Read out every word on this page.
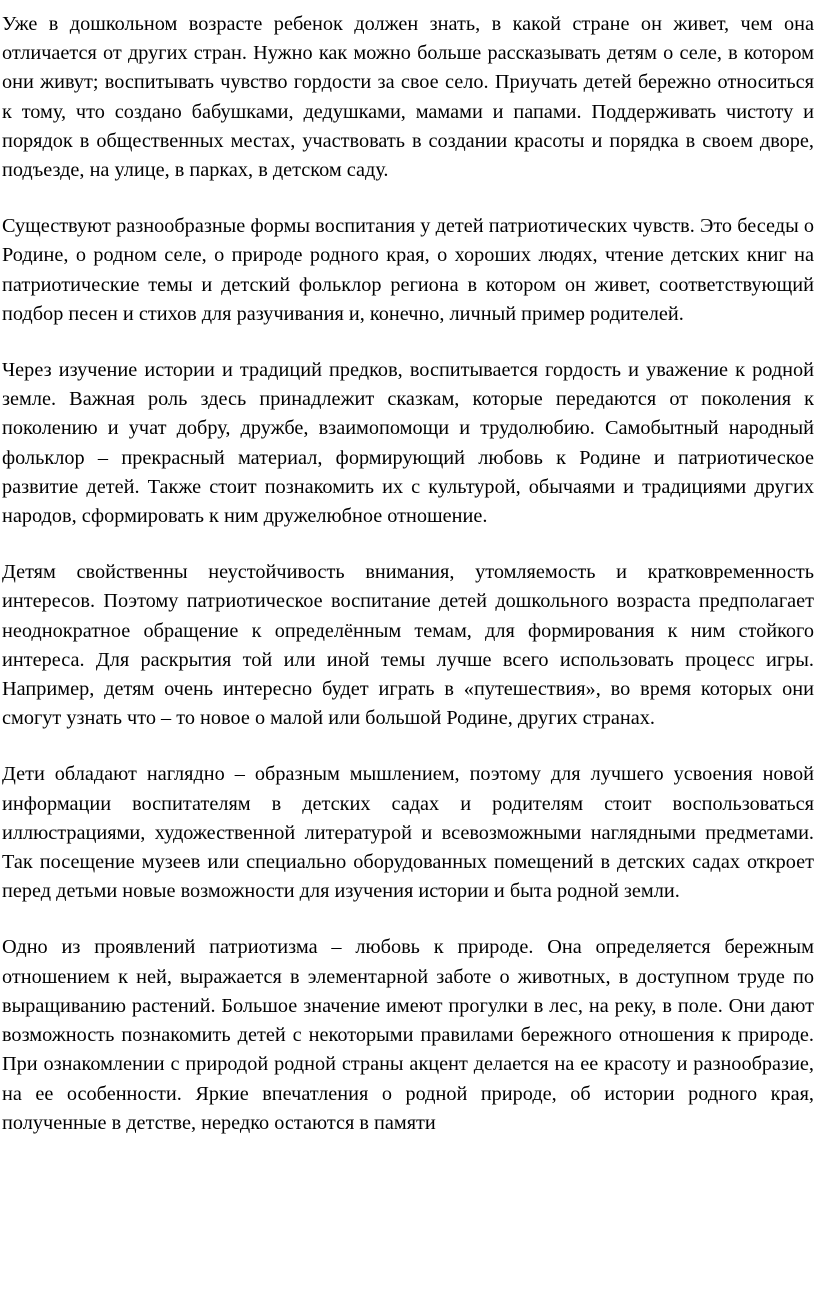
Уже в дошкольном возрасте ребенок должен знать, в какой стране он живет, чем она отличается от других стран. Нужно как можно больше рассказывать детям о селе, в котором они живут; воспитывать чувство гордости за свое село. Приучать детей бережно относиться к тому, что создано бабушками, дедушками, мамами и папами. Поддерживать чистоту и порядок в общественных местах, участвовать в создании красоты и порядка в своем дворе, подъезде, на улице, в парках, в детском саду.

Существуют разнообразные формы воспитания у детей патриотических чувств. Это беседы о Родине, о родном селе, о природе родного края, о хороших людях, чтение детских книг на патриотические темы и детский фольклор региона в котором он живет, соответствующий подбор песен и стихов для разучивания и, конечно, личный пример родителей.

Через изучение истории и традиций предков, воспитывается гордость и уважение к родной земле. Важная роль здесь принадлежит сказкам, которые передаются от поколения к поколению и учат добру, дружбе, взаимопомощи и трудолюбию. Самобытный народный фольклор – прекрасный материал, формирующий любовь к Родине и патриотическое развитие детей. Также стоит познакомить их с культурой, обычаями и традициями других народов, сформировать к ним дружелюбное отношение.

Детям свойственны неустойчивость внимания, утомляемость и кратковременность интересов. Поэтому патриотическое воспитание детей дошкольного возраста предполагает неоднократное обращение к определённым темам, для формирования к ним стойкого интереса. Для раскрытия той или иной темы лучше всего использовать процесс игры. Например, детям очень интересно будет играть в «путешествия», во время которых они смогут узнать что – то новое о малой или большой Родине, других странах.

Дети обладают наглядно – образным мышлением, поэтому для лучшего усвоения новой информации воспитателям в детских садах и родителям стоит воспользоваться иллюстрациями, художественной литературой и всевозможными наглядными предметами. Так посещение музеев или специально оборудованных помещений в детских садах откроет перед детьми новые возможности для изучения истории и быта родной земли.

Одно из проявлений патриотизма – любовь к природе. Она определяется бережным отношением к ней, выражается в элементарной заботе о животных, в доступном труде по выращиванию растений. Большое значение имеют прогулки в лес, на реку, в поле. Они дают возможность познакомить детей с некоторыми правилами бережного отношения к природе. При ознакомлении с природой родной страны акцент делается на ее красоту и разнообразие, на ее особенности. Яркие впечатления о родной природе, об истории родного края, полученные в детстве, нередко остаются в памяти
